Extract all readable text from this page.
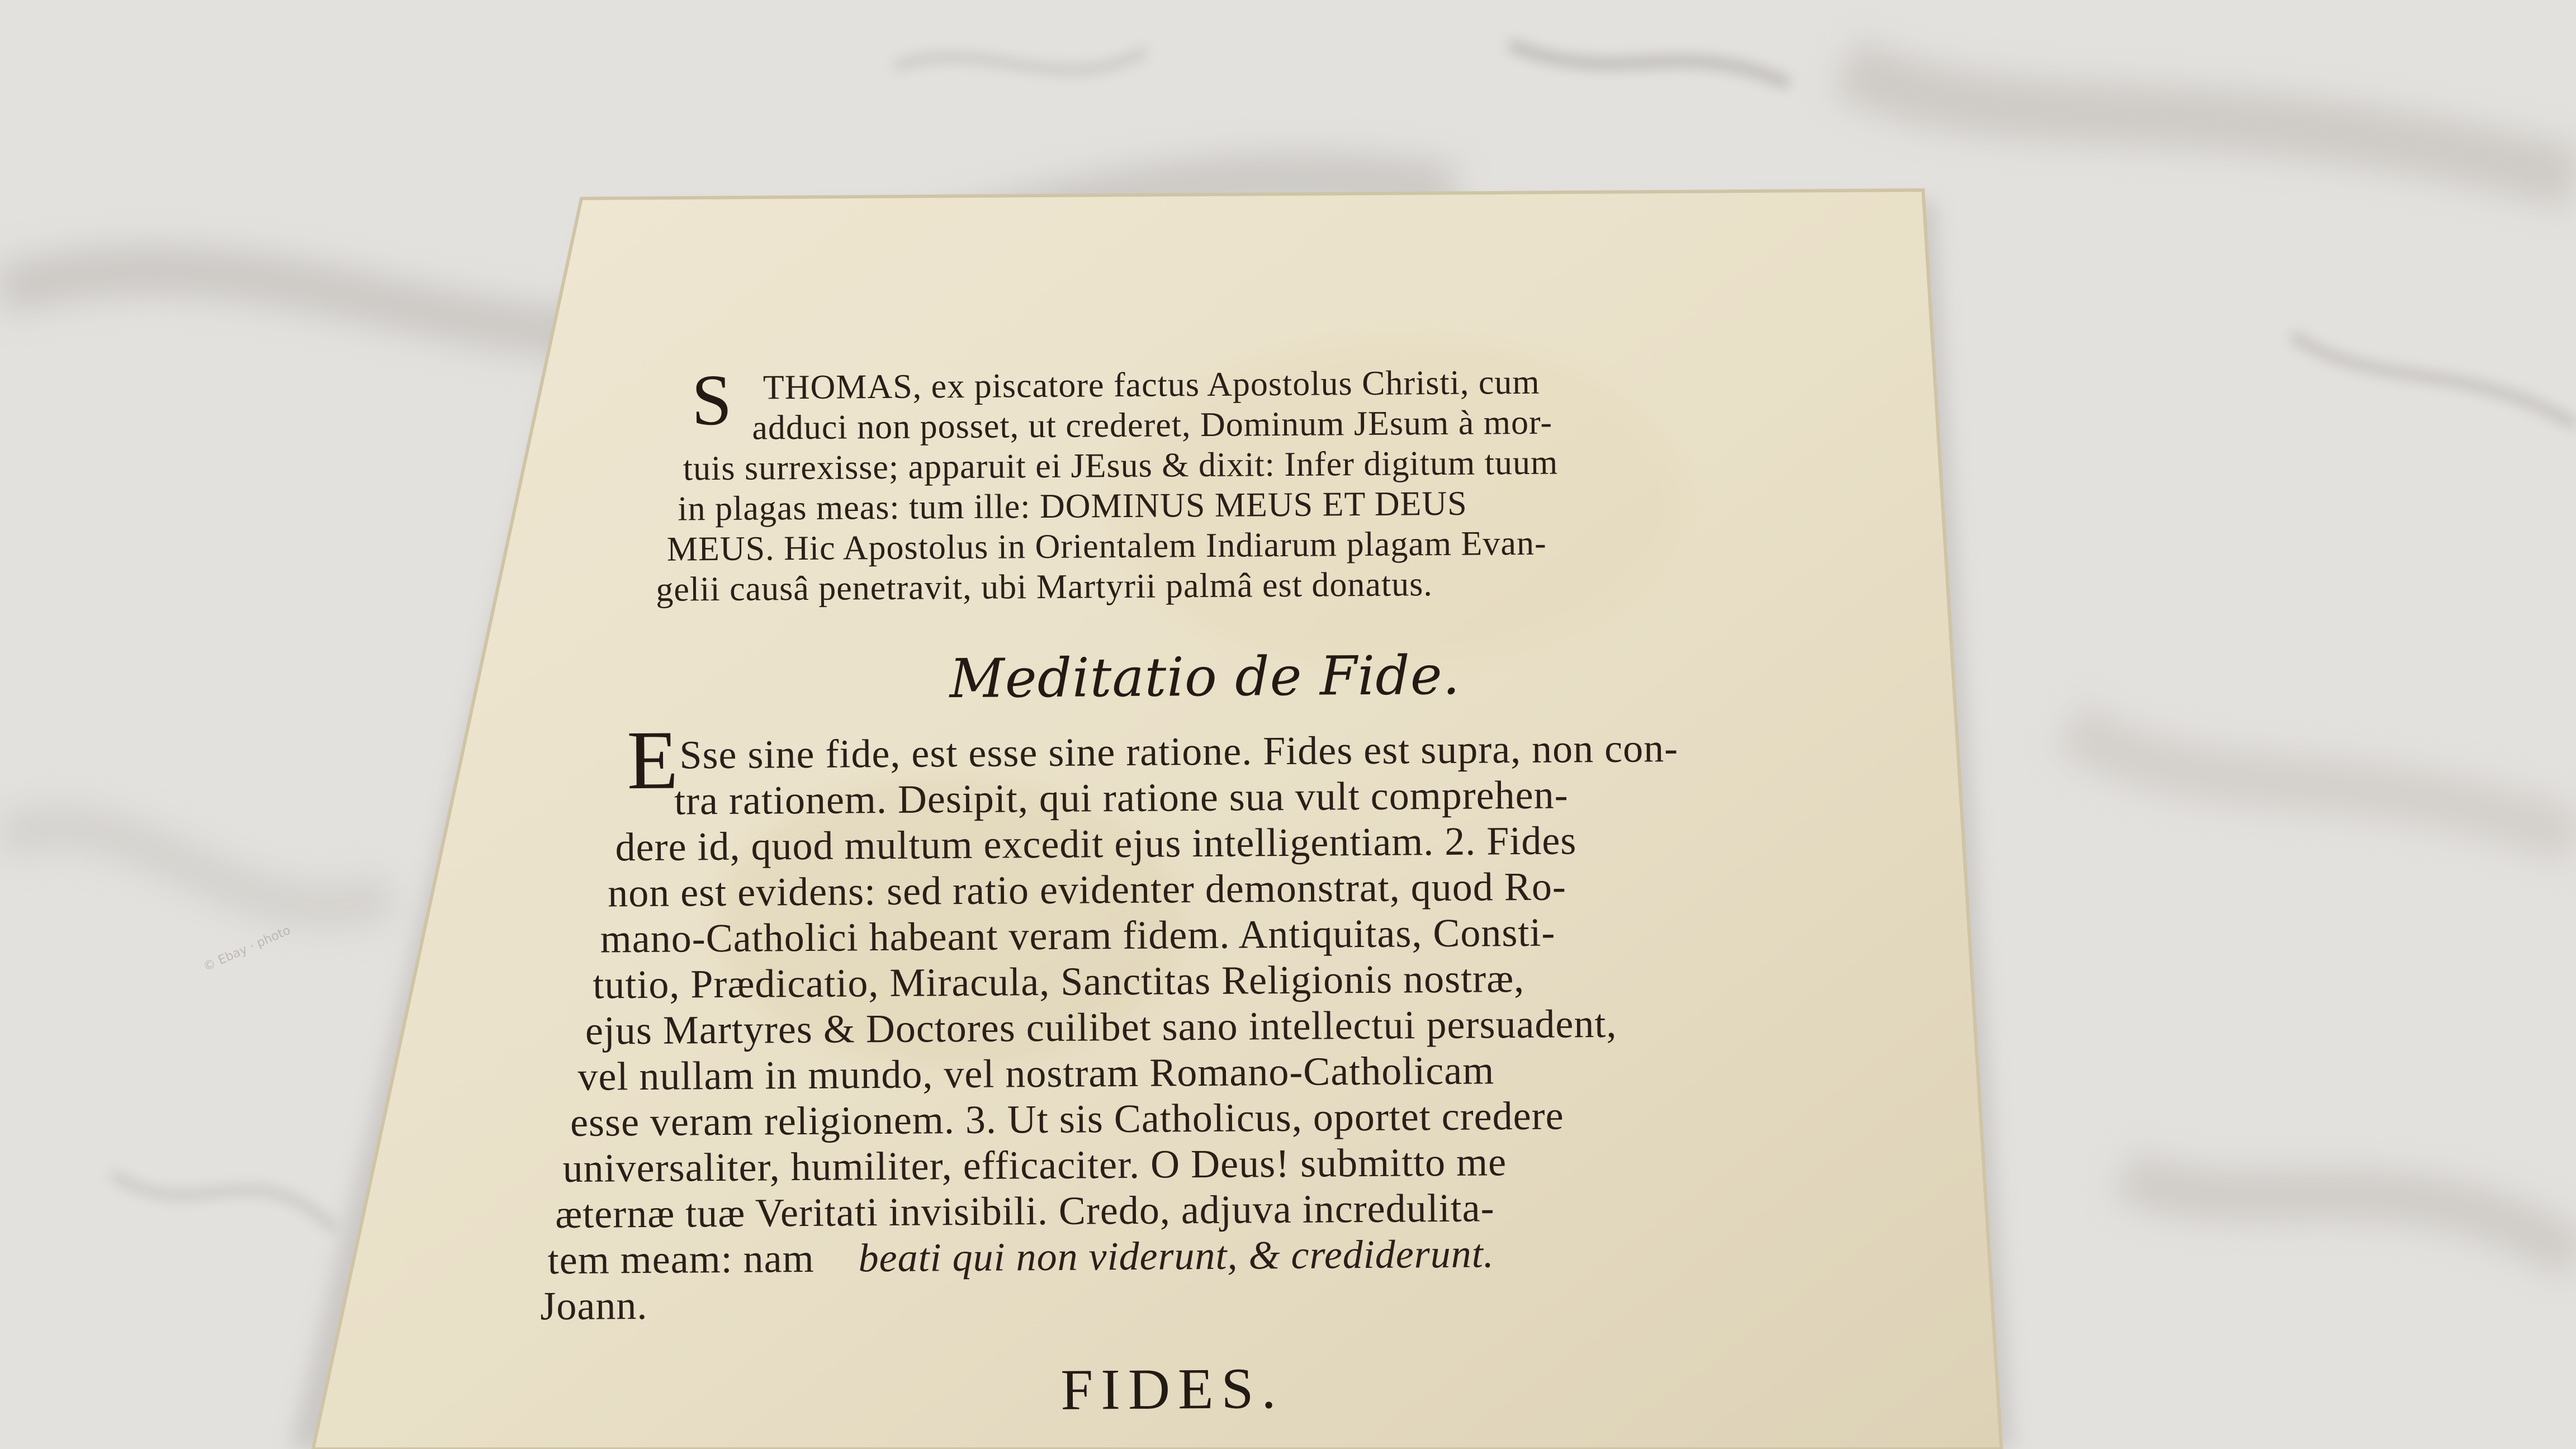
S THOMAS, ex piscatore factus Apostolus Christi, cum
adduci non posset, ut crederet, Dominum JEsum à mor-
tuis surrexisse; apparuit ei JEsus & dixit: Infer digitum tuum
in plagas meas: tum ille: DOMINUS MEUS ET DEUS
MEUS. Hic Apostolus in Orientalem Indiarum plagam Evan-
gelii causâ penetravit, ubi Martyrii palmâ est donatus.
Meditatio de Fide.
E Sse sine fide, est esse sine ratione. Fides est supra, non con-
tra rationem. Desipit, qui ratione sua vult comprehen-
dere id, quod multum excedit ejus intelligentiam. 2. Fides
non est evidens: sed ratio evidenter demonstrat, quod Ro-
mano-Catholici habeant veram fidem. Antiquitas, Consti-
tutio, Prædicatio, Miracula, Sanctitas Religionis nostræ,
ejus Martyres & Doctores cuilibet sano intellectui persuadent,
vel nullam in mundo, vel nostram Romano-Catholicam
esse veram religionem. 3. Ut sis Catholicus, oportet credere
universaliter, humiliter, efficaciter. O Deus! submitto me
æternæ tuæ Veritati invisibili. Credo, adjuva incredulita-
tem meam: nam beati qui non viderunt, & crediderunt.
Joann.
FIDES.
© Ebay · photo
